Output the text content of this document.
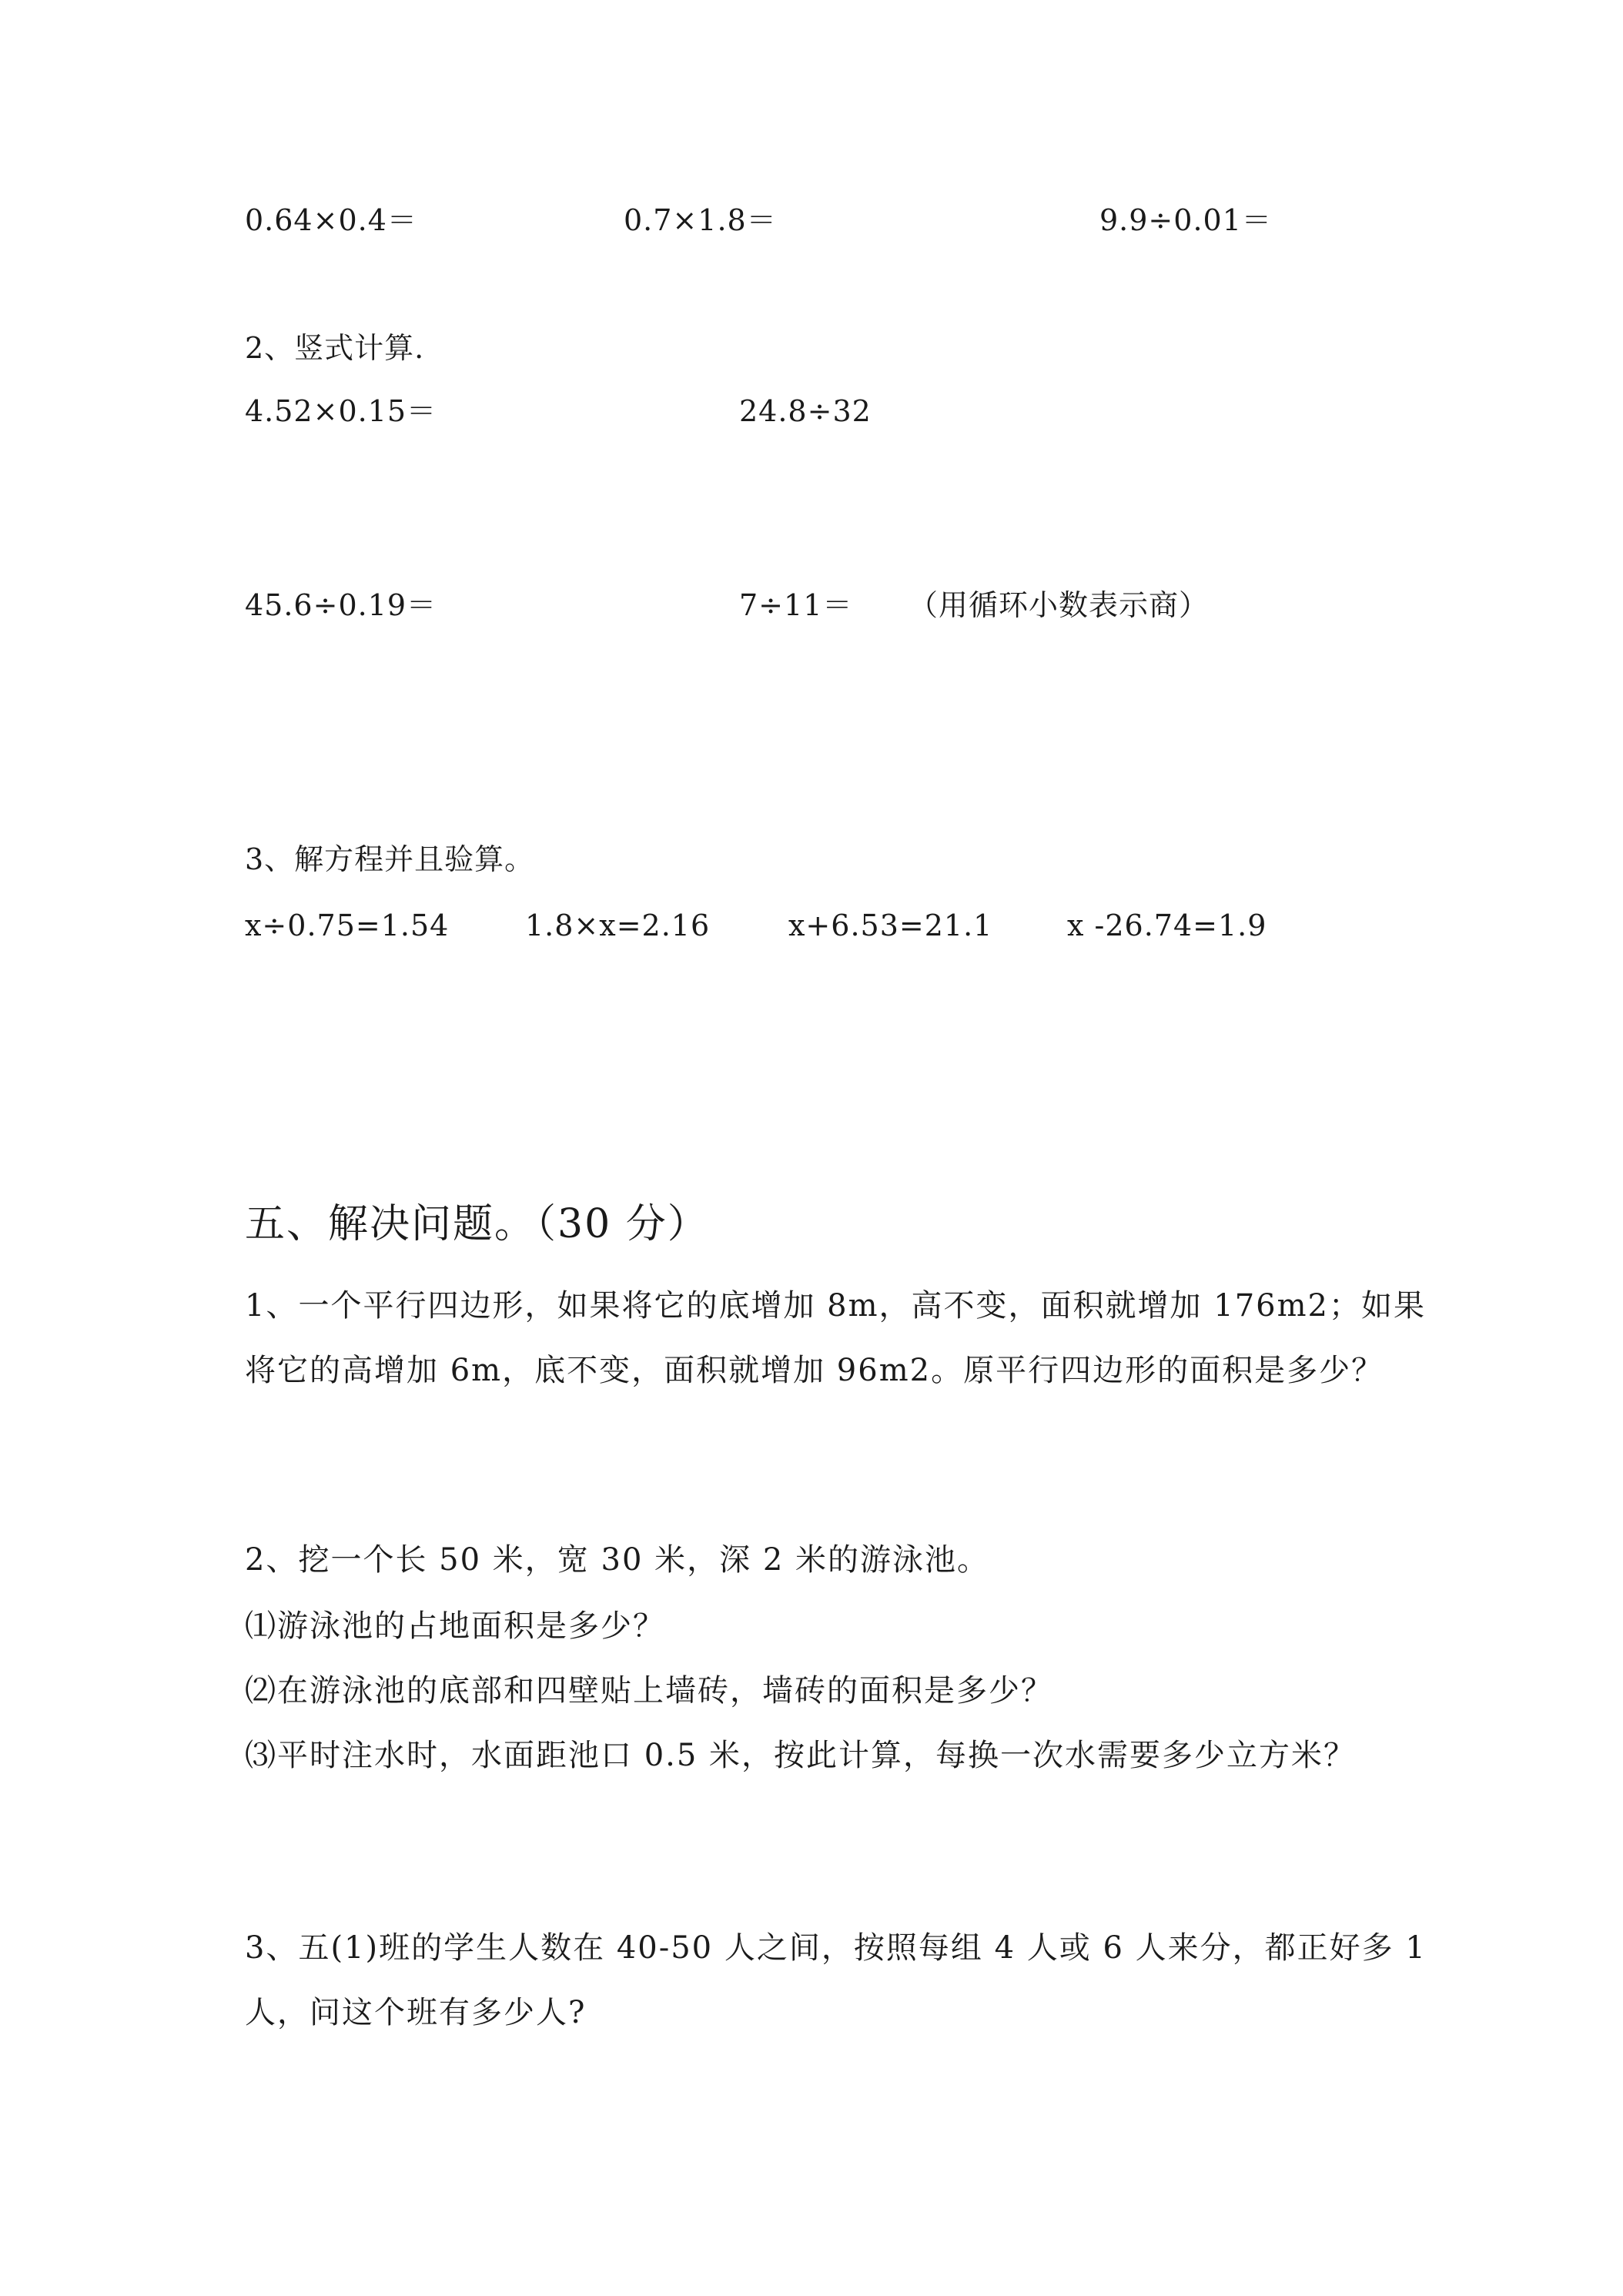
0.64×0.4＝	0.7×1.8＝	9.9÷0.01＝
2、竖式计算.
4.52×0.15＝	24.8÷32
45.6÷0.19＝	7÷11＝ （用循环小数表示商）
3、解方程并且验算。
x÷0.75=1.54	1.8×x=2.16	x+6.53=21.1	x -26.74=1.9
五、解决问题。（30 分）
1、一个平行四边形，如果将它的底增加 8m，高不变，面积就增加 176m2；如果
将它的高增加 6m，底不变，面积就增加 96m2。原平行四边形的面积是多少？
2、挖一个长 50 米，宽 30 米，深 2 米的游泳池。
⑴游泳池的占地面积是多少？
⑵在游泳池的底部和四壁贴上墙砖，墙砖的面积是多少？
⑶平时注水时，水面距池口 0.5 米，按此计算，每换一次水需要多少立方米？
3、五(1)班的学生人数在 40-50 人之间，按照每组 4 人或 6 人来分，都正好多 1
人，问这个班有多少人?
